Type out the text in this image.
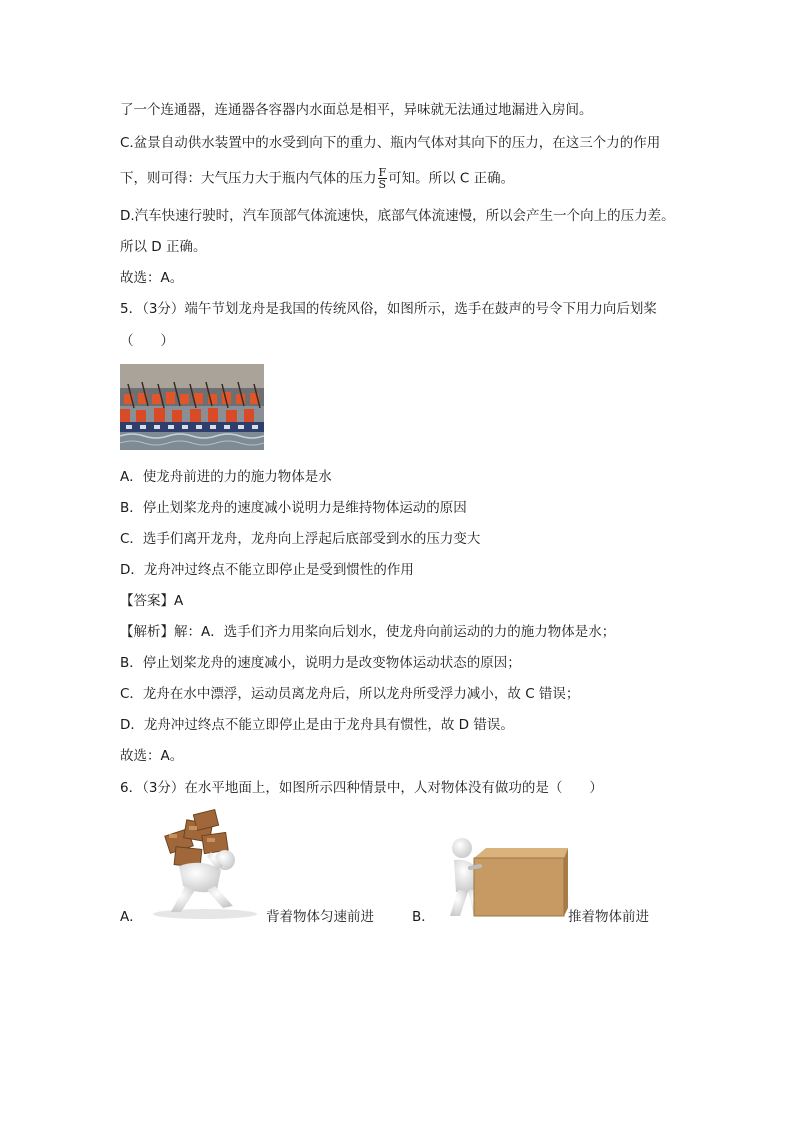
了一个连通器，连通器各容器内水面总是相平，异味就无法通过地漏进入房间。
C.盆景自动供水装置中的水受到向下的重力、瓶内气体对其向下的压力，在这三个力的作用
下，则可得：大气压力大于瓶内气体的压力 $\frac{F}{S}$ 可知。所以 C 正确。
D.汽车快速行驶时，汽车顶部气体流速快，底部气体流速慢，所以会产生一个向上的压力差。
所以 D 正确。
故选：A。
5．（3分）端午节划龙舟是我国的传统风俗，如图所示，选手在鼓声的号令下用力向后划桨
（　　）
A．使龙舟前进的力的施力物体是水
B．停止划桨龙舟的速度减小说明力是维持物体运动的原因
C．选手们离开龙舟，龙舟向上浮起后底部受到水的压力变大
D．龙舟冲过终点不能立即停止是受到惯性的作用
【答案】A
【解析】解：A．选手们齐力用桨向后划水，使龙舟向前运动的力的施力物体是水；
B．停止划桨龙舟的速度减小，说明力是改变物体运动状态的原因；
C．龙舟在水中漂浮，运动员离龙舟后，所以龙舟所受浮力减小，故 C 错误；
D．龙舟冲过终点不能立即停止是由于龙舟具有惯性，故 D 错误。
故选：A。
6．（3分）在水平地面上，如图所示四种情景中，人对物体没有做功的是（　　）
A．	背着物体匀速前进	B．	推着物体前进
